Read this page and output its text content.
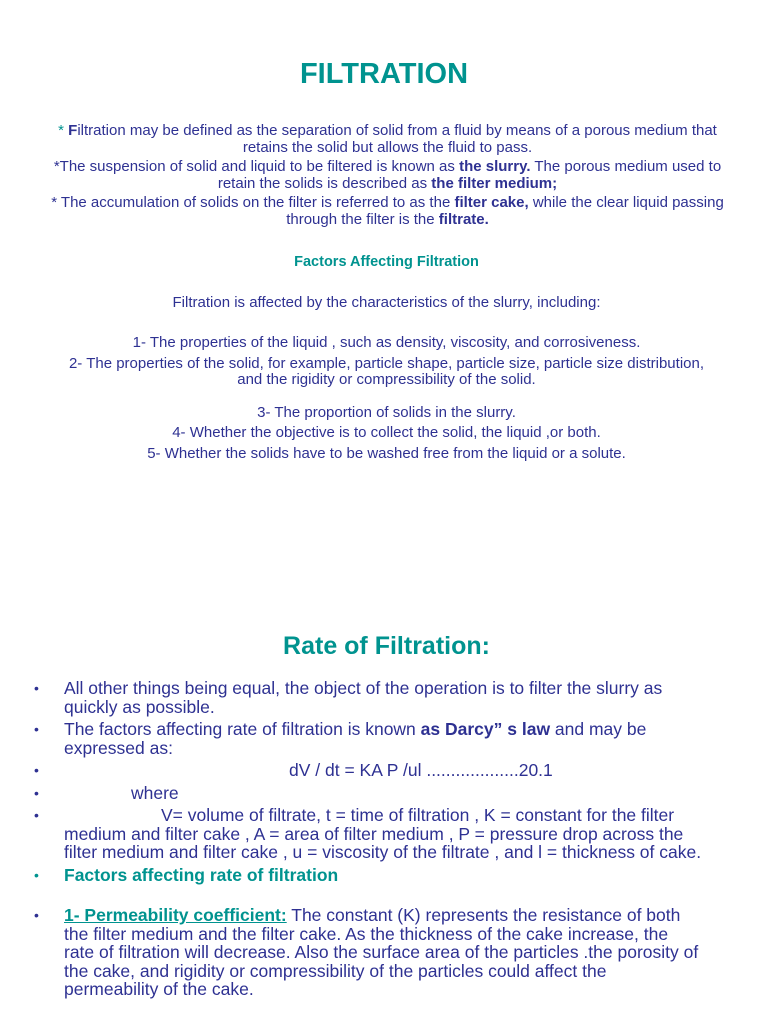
FILTRATION

* Filtration may be defined as the separation of solid from a fluid by means of a porous medium that retains the solid but allows the fluid to pass.

*The suspension of solid and liquid to be filtered is known as the slurry. The porous medium used to retain the solids is described as the filter medium;

* The accumulation of solids on the filter is referred to as the filter cake, while the clear liquid passing through the filter is the filtrate.

Factors Affecting Filtration

Filtration is affected by the characteristics of the slurry, including:

1- The properties of the liquid , such as density, viscosity, and corrosiveness.

2- The properties of the solid, for example, particle shape, particle size, particle size distribution, and the rigidity or compressibility of the solid.

3- The proportion of solids in the slurry.

4- Whether the objective is to collect the solid, the liquid ,or both.

5- Whether the solids have to be washed free from the liquid or a solute.

Rate of Filtration:
• All other things being equal, the object of the operation is to filter the slurry as quickly as possible.
• The factors affecting rate of filtration is known as Darcy” s law and may be expressed as:
•	dV / dt = KA P /ul ...................20.1
•	where
•	V= volume of filtrate, t = time of filtration , K = constant for the filter medium and filter cake , A = area of filter medium , P = pressure drop across the filter medium and filter cake , u = viscosity of the filtrate , and l = thickness of cake.
• Factors affecting rate of filtration
• 1- Permeability coefficient: The constant (K) represents the resistance of both the filter medium and the filter cake. As the thickness of the cake increase, the rate of filtration will decrease. Also the surface area of the particles .the porosity of the cake, and rigidity or compressibility of the particles could affect the permeability of the cake.
